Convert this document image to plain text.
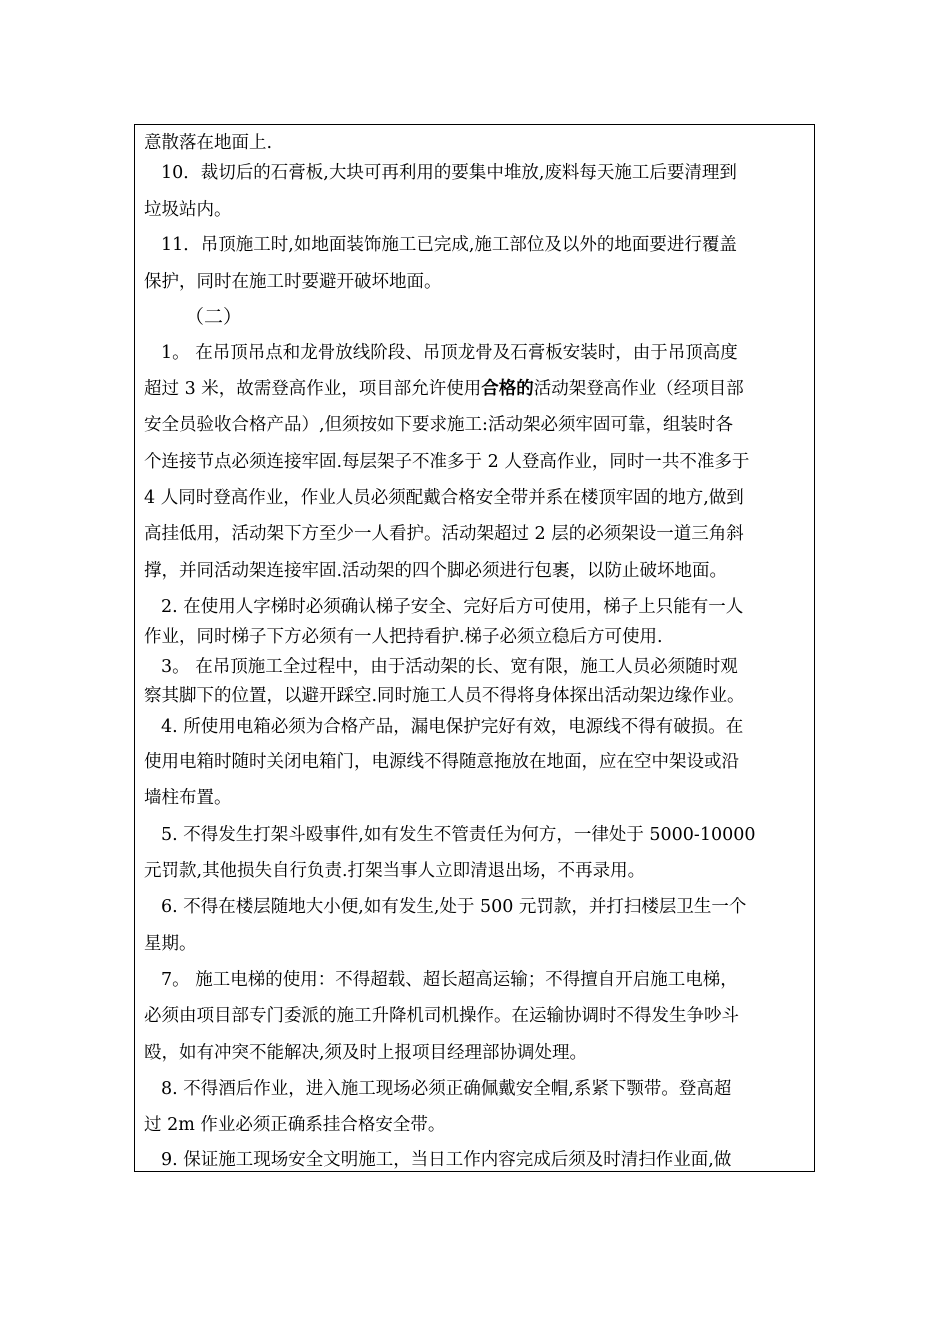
意散落在地面上.
10．裁切后的石膏板,大块可再利用的要集中堆放,废料每天施工后要清理到
垃圾站内。
11．吊顶施工时,如地面装饰施工已完成,施工部位及以外的地面要进行覆盖
保护，同时在施工时要避开破坏地面。
（二）
1。 在吊顶吊点和龙骨放线阶段、吊顶龙骨及石膏板安装时，由于吊顶高度
超过 3 米，故需登高作业，项目部允许使用合格的活动架登高作业（经项目部
安全员验收合格产品）,但须按如下要求施工:活动架必须牢固可靠，组装时各
个连接节点必须连接牢固.每层架子不准多于 2 人登高作业，同时一共不准多于
4 人同时登高作业，作业人员必须配戴合格安全带并系在楼顶牢固的地方,做到
高挂低用，活动架下方至少一人看护。活动架超过 2 层的必须架设一道三角斜
撑，并同活动架连接牢固.活动架的四个脚必须进行包裹，以防止破坏地面。
2. 在使用人字梯时必须确认梯子安全、完好后方可使用，梯子上只能有一人
作业，同时梯子下方必须有一人把持看护.梯子必须立稳后方可使用.
3。 在吊顶施工全过程中，由于活动架的长、宽有限，施工人员必须随时观
察其脚下的位置，以避开踩空.同时施工人员不得将身体探出活动架边缘作业。
4. 所使用电箱必须为合格产品，漏电保护完好有效，电源线不得有破损。在
使用电箱时随时关闭电箱门，电源线不得随意拖放在地面，应在空中架设或沿
墙柱布置。
5. 不得发生打架斗殴事件,如有发生不管责任为何方，一律处于 5000-10000
元罚款,其他损失自行负责.打架当事人立即清退出场，不再录用。
6. 不得在楼层随地大小便,如有发生,处于 500 元罚款，并打扫楼层卫生一个
星期。
7。 施工电梯的使用：不得超载、超长超高运输；不得擅自开启施工电梯，
必须由项目部专门委派的施工升降机司机操作。在运输协调时不得发生争吵斗
殴，如有冲突不能解决,须及时上报项目经理部协调处理。
8. 不得酒后作业，进入施工现场必须正确佩戴安全帽,系紧下颚带。登高超
过 2m 作业必须正确系挂合格安全带。
9. 保证施工现场安全文明施工，当日工作内容完成后须及时清扫作业面,做
